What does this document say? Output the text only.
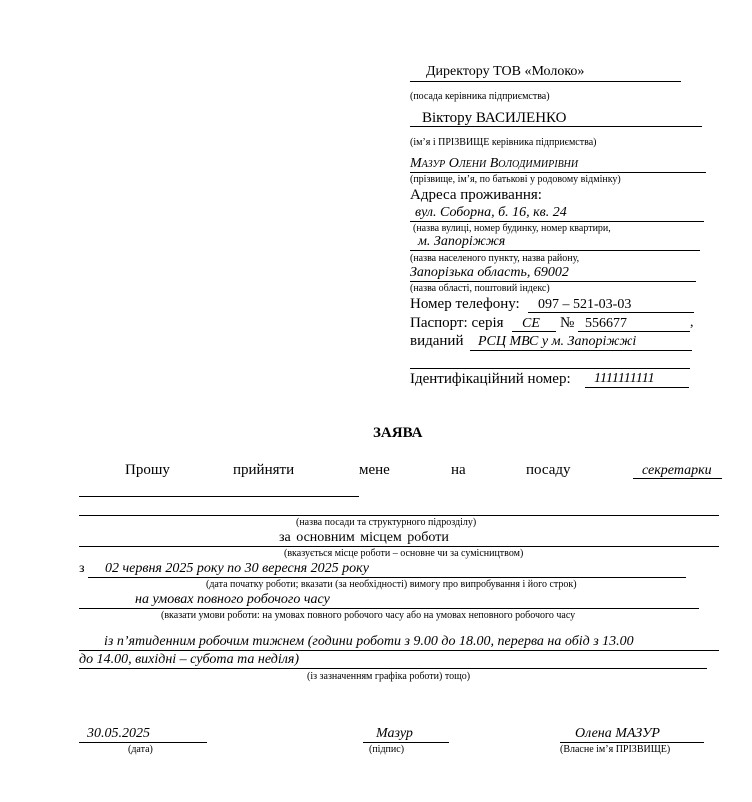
Директору ТОВ «Молоко»
(посада керівника підприємства)
Вікторy ВАСИЛЕНКО
(ім’я і ПРІЗВИЩЕ керівника підприємства)
Мазур Олени Володимирівни
(прізвище, ім’я, по батькові у родовому відмінку)
Адреса проживання:
вул. Соборна, б. 16, кв. 24
(назва вулиці, номер будинку, номер квартири,
м. Запоріжжя
(назва населеного пункту, назва району,
Запорізька область, 69002
(назва області, поштовий індекс)
Номер телефону: 097 – 521-03-03
Паспорт: серія СЕ № 556677	,
виданий РСЦ МВС у м. Запоріжжі
Ідентифікаційний номер: 1111111111
ЗАЯВА
Прошу	прийняти	мене	на	посаду	секретарки
(назва посади та структурного підрозділу)
за основним місцем роботи
(вказується місце роботи – основне чи за сумісництвом)
з 02 червня 2025 року по 30 вересня 2025 року
(дата початку роботи; вказати (за необхідності) вимогу про випробування і його строк)
на умовах повного робочого часу
(вказати умови роботи: на умовах повного робочого часу або на умовах неповного робочого часу
із п’ятиденним робочим тижнем (години роботи з 9.00 до 18.00, перерва на обід з 13.00
до 14.00, вихідні – субота та неділя)
(із зазначенням графіка роботи) тощо)
30.05.2025
(дата)
Мазур
(підпис)
Олена МАЗУР
(Власне ім’я ПРІЗВИЩЕ)
